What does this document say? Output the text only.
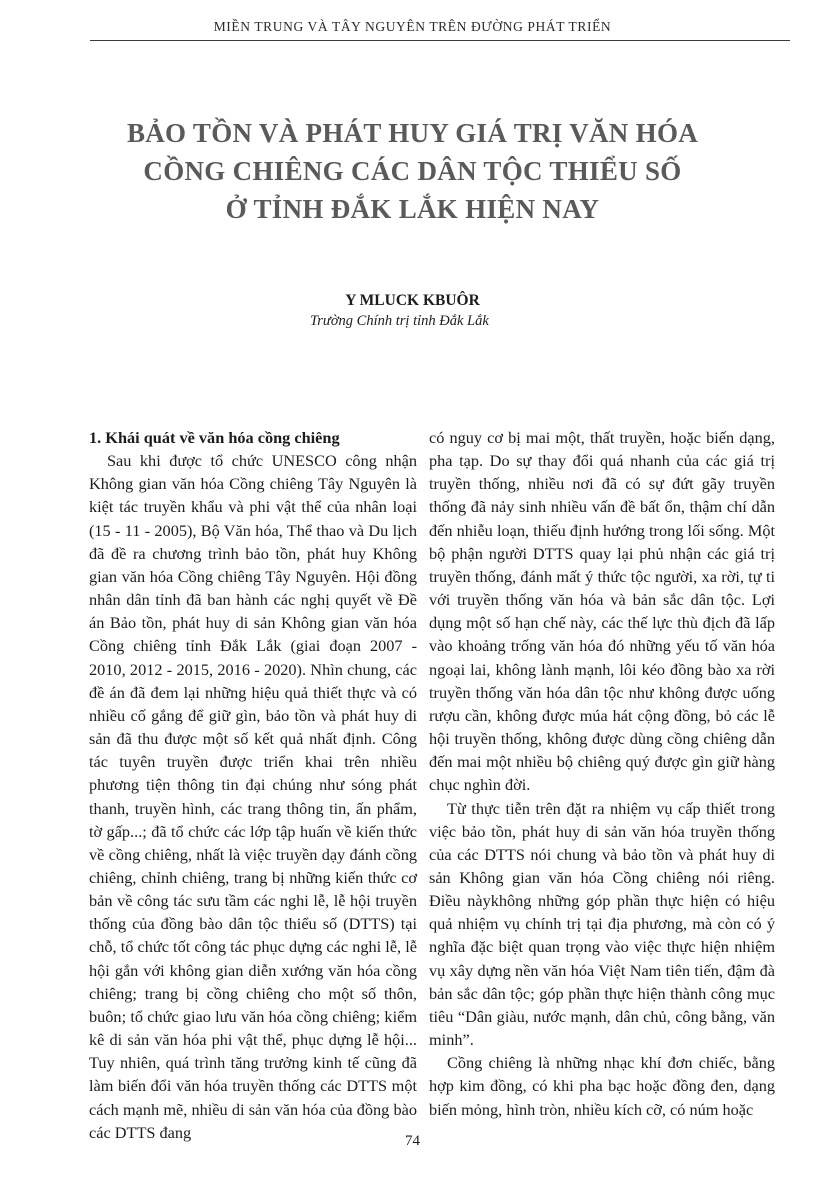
MIỀN TRUNG VÀ TÂY NGUYÊN TRÊN ĐƯỜNG PHÁT TRIỂN
BẢO TỒN VÀ PHÁT HUY GIÁ TRỊ VĂN HÓA
CỒNG CHIÊNG CÁC DÂN TỘC THIỂU SỐ
Ở TỈNH ĐẮK LẮK HIỆN NAY
Y MLUCK KBUÔR
Trường Chính trị tỉnh Đắk Lắk

1. Khái quát về văn hóa cồng chiêng

Sau khi được tổ chức UNESCO công nhận Không gian văn hóa Cồng chiêng Tây Nguyên là kiệt tác truyền khẩu và phi vật thể của nhân loại (15 - 11 - 2005), Bộ Văn hóa, Thể thao và Du lịch đã đề ra chương trình bảo tồn, phát huy Không gian văn hóa Cồng chiêng Tây Nguyên. Hội đồng nhân dân tỉnh đã ban hành các nghị quyết về Đề án Bảo tồn, phát huy di sản Không gian văn hóa Cồng chiêng tỉnh Đắk Lắk (giai đoạn 2007 - 2010, 2012 - 2015, 2016 - 2020). Nhìn chung, các đề án đã đem lại những hiệu quả thiết thực và có nhiều cố gắng để giữ gìn, bảo tồn và phát huy di sản đã thu được một số kết quả nhất định. Công tác tuyên truyền được triển khai trên nhiều phương tiện thông tin đại chúng như sóng phát thanh, truyền hình, các trang thông tin, ấn phẩm, tờ gấp...; đã tổ chức các lớp tập huấn về kiến thức về cồng chiêng, nhất là việc truyền dạy đánh cồng chiêng, chỉnh chiêng, trang bị những kiến thức cơ bản về công tác sưu tầm các nghi lễ, lễ hội truyền thống của đồng bào dân tộc thiểu số (DTTS) tại chỗ, tổ chức tốt công tác phục dựng các nghi lễ, lễ hội gắn với không gian diễn xướng văn hóa cồng chiêng; trang bị cồng chiêng cho một số thôn, buôn; tổ chức giao lưu văn hóa cồng chiêng; kiểm kê di sản văn hóa phi vật thể, phục dựng lễ hội... Tuy nhiên, quá trình tăng trưởng kinh tế cũng đã làm biến đổi văn hóa truyền thống các DTTS một cách mạnh mẽ, nhiều di sản văn hóa của đồng bào các DTTS đang

có nguy cơ bị mai một, thất truyền, hoặc biến dạng, pha tạp. Do sự thay đổi quá nhanh của các giá trị truyền thống, nhiều nơi đã có sự đứt gãy truyền thống đã nảy sinh nhiều vấn đề bất ổn, thậm chí dẫn đến nhiễu loạn, thiếu định hướng trong lối sống. Một bộ phận người DTTS quay lại phủ nhận các giá trị truyền thống, đánh mất ý thức tộc người, xa rời, tự ti với truyền thống văn hóa và bản sắc dân tộc. Lợi dụng một số hạn chế này, các thế lực thù địch đã lấp vào khoảng trống văn hóa đó những yếu tố văn hóa ngoại lai, không lành mạnh, lôi kéo đồng bào xa rời truyền thống văn hóa dân tộc như không được uống rượu cần, không được múa hát cộng đồng, bỏ các lễ hội truyền thống, không được dùng cồng chiêng dẫn đến mai một nhiều bộ chiêng quý được gìn giữ hàng chục nghìn đời.

Từ thực tiễn trên đặt ra nhiệm vụ cấp thiết trong việc bảo tồn, phát huy di sản văn hóa truyền thống của các DTTS nói chung và bảo tồn và phát huy di sản Không gian văn hóa Cồng chiêng nói riêng. Điều nàykhông những góp phần thực hiện có hiệu quả nhiệm vụ chính trị tại địa phương, mà còn có ý nghĩa đặc biệt quan trọng vào việc thực hiện nhiệm vụ xây dựng nền văn hóa Việt Nam tiên tiến, đậm đà bản sắc dân tộc; góp phần thực hiện thành công mục tiêu “Dân giàu, nước mạnh, dân chủ, công bằng, văn minh”.

Cồng chiêng là những nhạc khí đơn chiếc, bằng hợp kim đồng, có khi pha bạc hoặc đồng đen, dạng biến mỏng, hình tròn, nhiều kích cỡ, có núm hoặc

74
